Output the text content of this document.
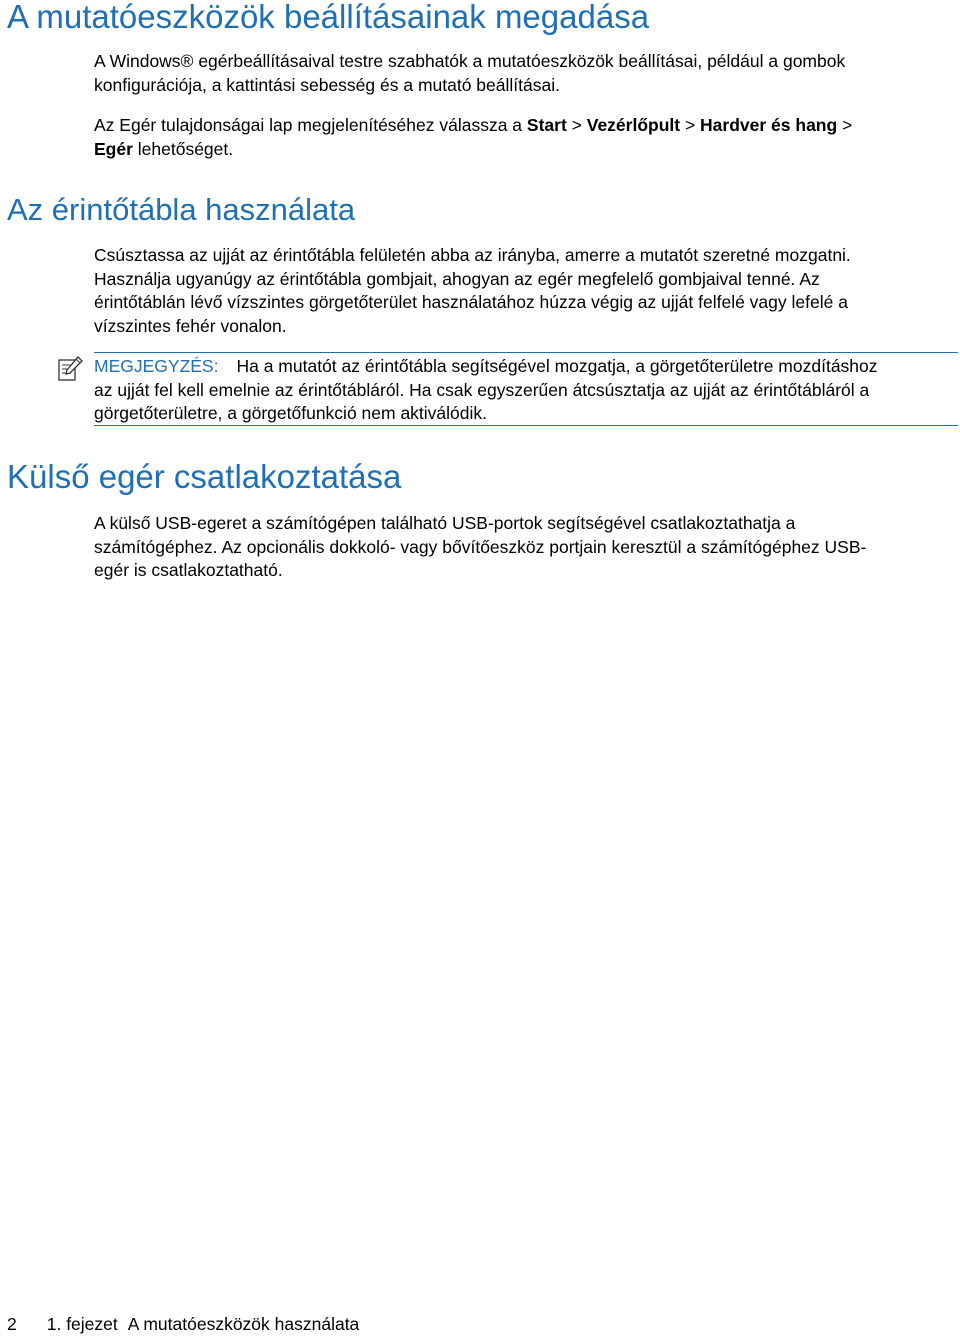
A mutatóeszközök beállításainak megadása

A Windows® egérbeállításaival testre szabhatók a mutatóeszközök beállításai, például a gombok
konfigurációja, a kattintási sebesség és a mutató beállításai.

Az Egér tulajdonságai lap megjelenítéséhez válassza a Start > Vezérlőpult > Hardver és hang >
Egér lehetőséget.

Az érintőtábla használata

Csúsztassa az ujját az érintőtábla felületén abba az irányba, amerre a mutatót szeretné mozgatni.
Használja ugyanúgy az érintőtábla gombjait, ahogyan az egér megfelelő gombjaival tenné. Az
érintőtáblán lévő vízszintes görgetőterület használatához húzza végig az ujját felfelé vagy lefelé a
vízszintes fehér vonalon.

MEGJEGYZÉS: Ha a mutatót az érintőtábla segítségével mozgatja, a görgetőterületre mozdításhoz
az ujját fel kell emelnie az érintőtábláról. Ha csak egyszerűen átcsúsztatja az ujját az érintőtábláról a
görgetőterületre, a görgetőfunkció nem aktiválódik.
Külső egér csatlakoztatása

A külső USB-egeret a számítógépen található USB-portok segítségével csatlakoztathatja a
számítógéphez. Az opcionális dokkoló- vagy bővítőeszköz portjain keresztül a számítógéphez USB-
egér is csatlakoztatható.

2 1. fejezet A mutatóeszközök használata
